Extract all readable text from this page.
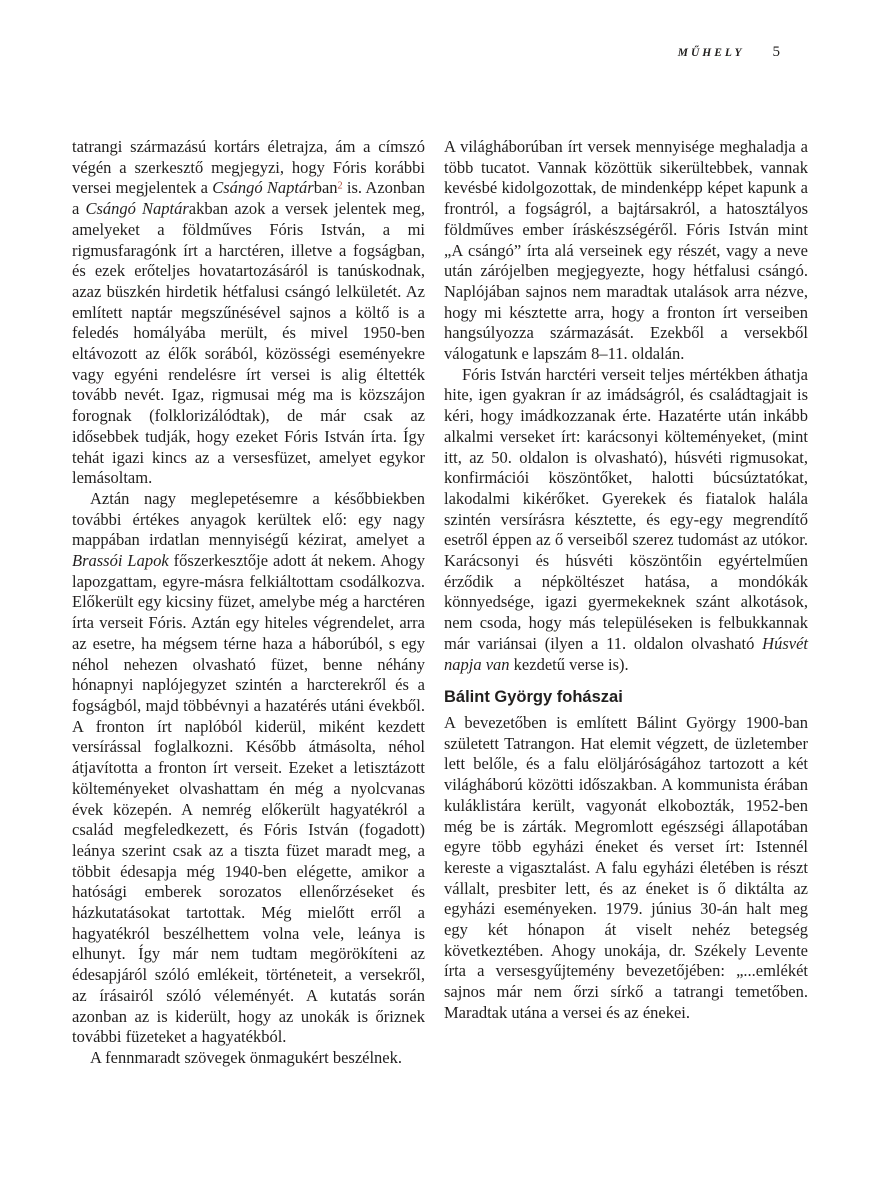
MŰHELY 5

tatrangi származású kortárs életrajza, ám a címszó végén a szerkesztő megjegyzi, hogy Fóris korábbi versei megjelentek a Csángó Naptárban$^2$ is. Azonban a Csángó Naptárakban azok a versek jelentek meg, amelyeket a földműves Fóris István, a mi rigmusfaragónk írt a harctéren, illetve a fogságban, és ezek erőteljes hovatartozásáról is tanúskodnak, azaz büszkén hirdetik hétfalusi csángó lelkületét. Az említett naptár megszűnésével sajnos a költő is a feledés homályába merült, és mivel 1950-ben eltávozott az élők sorából, közösségi eseményekre vagy egyéni rendelésre írt versei is alig éltették tovább nevét. Igaz, rigmusai még ma is közszájon forognak (folklorizálódtak), de már csak az idősebbek tudják, hogy ezeket Fóris István írta. Így tehát igazi kincs az a versesfüzet, amelyet egykor lemásoltam.

Aztán nagy meglepetésemre a későbbiekben további értékes anyagok kerültek elő: egy nagy mappában irdatlan mennyiségű kézirat, amelyet a Brassói Lapok főszerkesztője adott át nekem. Ahogy lapozgattam, egyre-másra felkiáltottam csodálkozva. Előkerült egy kicsiny füzet, amelybe még a harctéren írta verseit Fóris. Aztán egy hiteles végrendelet, arra az esetre, ha mégsem térne haza a háborúból, s egy néhol nehezen olvasható füzet, benne néhány hónapnyi naplójegyzet szintén a harcterekről és a fogságból, majd többévnyi a hazatérés utáni évekből. A fronton írt naplóból kiderül, miként kezdett versírással foglalkozni. Később átmásolta, néhol átjavította a fronton írt verseit. Ezeket a letisztázott költeményeket olvashattam én még a nyolcvanas évek közepén. A nemrég előkerült hagyatékról a család megfeledkezett, és Fóris István (fogadott) leánya szerint csak az a tiszta füzet maradt meg, a többit édesapja még 1940-ben elégette, amikor a hatósági emberek sorozatos ellenőrzéseket és házkutatásokat tartottak. Még mielőtt erről a hagyatékról beszélhettem volna vele, leánya is elhunyt. Így már nem tudtam megörökíteni az édesapjáról szóló emlékeit, történeteit, a versekről, az írásairól szóló véleményét. A kutatás során azonban az is kiderült, hogy az unokák is őriznek további füzeteket a hagyatékból.

A fennmaradt szövegek önmagukért beszélnek.

A világháborúban írt versek mennyisége meghaladja a több tucatot. Vannak közöttük sikerültebbek, vannak kevésbé kidolgozottak, de mindenképp képet kapunk a frontról, a fogságról, a bajtársakról, a hatosztályos földműves ember íráskészségéről. Fóris István mint „A csángó” írta alá verseinek egy részét, vagy a neve után zárójelben megjegyezte, hogy hétfalusi csángó. Naplójában sajnos nem maradtak utalások arra nézve, hogy mi késztette arra, hogy a fronton írt verseiben hangsúlyozza származását. Ezekből a versekből válogatunk e lapszám 8–11. oldalán.

Fóris István harctéri verseit teljes mértékben áthatja hite, igen gyakran ír az imádságról, és családtagjait is kéri, hogy imádkozzanak érte. Hazatérte után inkább alkalmi verseket írt: karácsonyi költeményeket, (mint itt, az 50. oldalon is olvasható), húsvéti rigmusokat, konfirmációi köszöntőket, halotti búcsúztatókat, lakodalmi kikérőket. Gyerekek és fiatalok halála szintén versírásra késztette, és egy-egy megrendítő esetről éppen az ő verseiből szerez tudomást az utókor. Karácsonyi és húsvéti köszöntőin egyértelműen érződik a népköltészet hatása, a mondókák könnyedsége, igazi gyermekeknek szánt alkotások, nem csoda, hogy más településeken is felbukkannak már variánsai (ilyen a 11. oldalon olvasható Húsvét napja van kezdetű verse is).

Bálint György fohászai

A bevezetőben is említett Bálint György 1900-ban született Tatrangon. Hat elemit végzett, de üzletember lett belőle, és a falu elöljáróságához tartozott a két világháború közötti időszakban. A kommunista érában kuláklistára került, vagyonát elkobozták, 1952-ben még be is zárták. Megromlott egészségi állapotában egyre több egyházi éneket és verset írt: Istennél kereste a vigasztalást. A falu egyházi életében is részt vállalt, presbiter lett, és az éneket is ő diktálta az egyházi eseményeken. 1979. június 30-án halt meg egy két hónapon át viselt nehéz betegség következtében. Ahogy unokája, dr. Székely Levente írta a versesgyűjtemény bevezetőjében: „...emlékét sajnos már nem őrzi sírkő a tatrangi temetőben. Maradtak utána a versei és az énekei.
